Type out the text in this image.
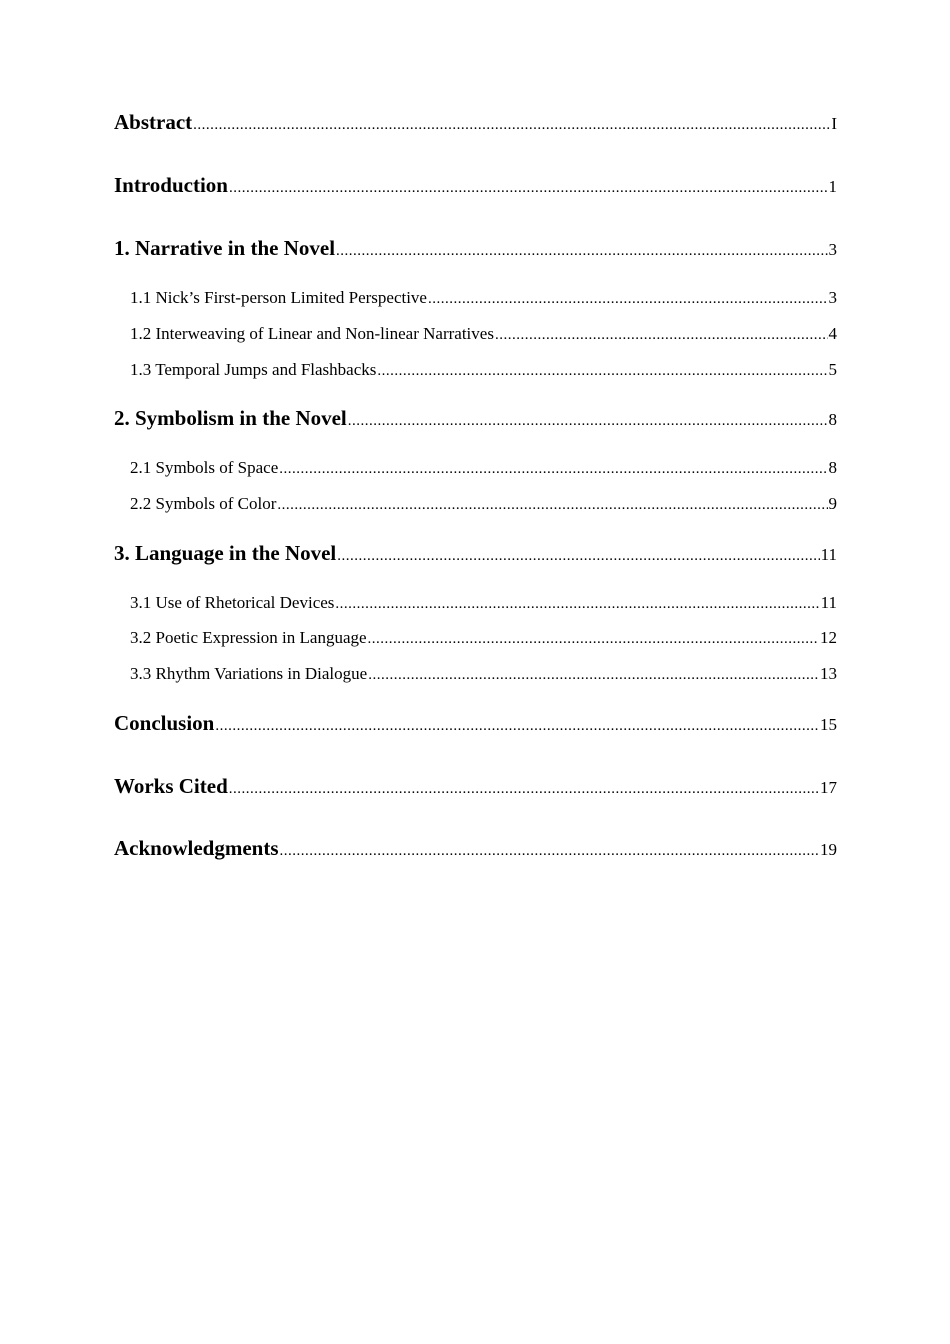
Abstract .....	I
Introduction .....	1
1. Narrative in the Novel .....	3
1.1 Nick’s First-person Limited Perspective .....	3
1.2 Interweaving of Linear and Non-linear Narratives .....	4
1.3 Temporal Jumps and Flashbacks .....	5
2. Symbolism in the Novel .....	8
2.1 Symbols of Space .....	8
2.2 Symbols of Color .....	9
3. Language in the Novel .....	11
3.1 Use of Rhetorical Devices .....	11
3.2 Poetic Expression in Language .....	12
3.3 Rhythm Variations in Dialogue .....	13
Conclusion .....	15
Works Cited .....	17
Acknowledgments .....	19
